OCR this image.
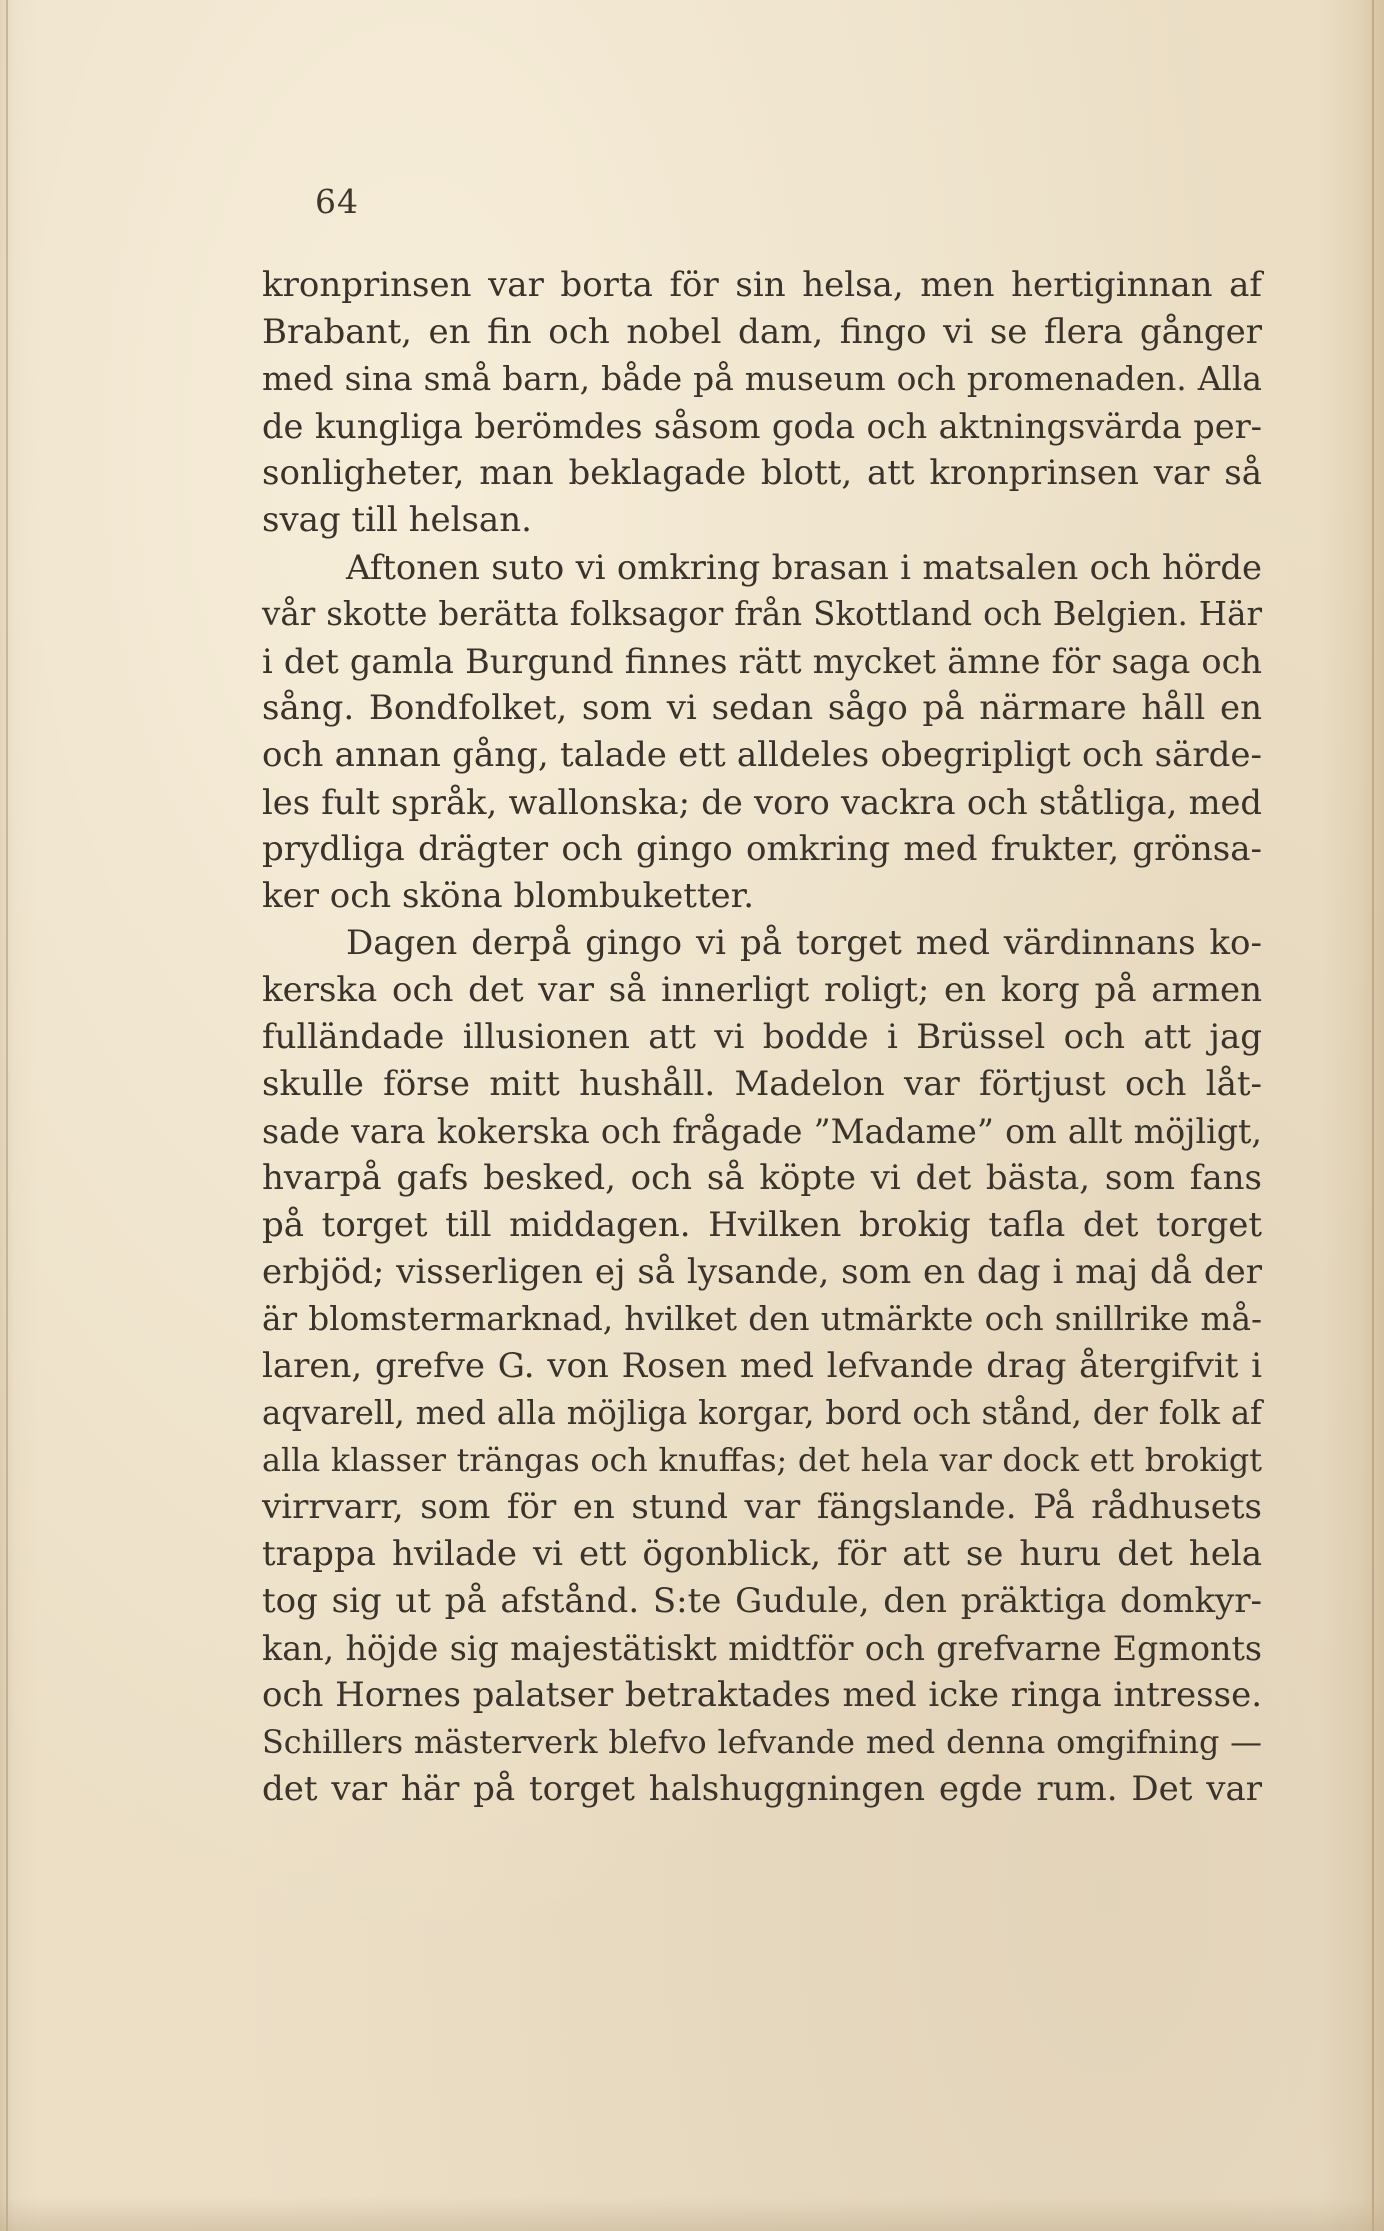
64
kronprinsen var borta för sin helsa, men hertiginnan af
Brabant, en fin och nobel dam, fingo vi se flera gånger
med sina små barn, både på museum och promenaden. Alla
de kungliga berömdes såsom goda och aktningsvärda per-
sonligheter, man beklagade blott, att kronprinsen var så
svag till helsan.
Aftonen suto vi omkring brasan i matsalen och hörde
vår skotte berätta folksagor från Skottland och Belgien. Här
i det gamla Burgund finnes rätt mycket ämne för saga och
sång. Bondfolket, som vi sedan sågo på närmare håll en
och annan gång, talade ett alldeles obegripligt och särde-
les fult språk, wallonska; de voro vackra och ståtliga, med
prydliga drägter och gingo omkring med frukter, grönsa-
ker och sköna blombuketter.
Dagen derpå gingo vi på torget med värdinnans ko-
kerska och det var så innerligt roligt; en korg på armen
fulländade illusionen att vi bodde i Brüssel och att jag
skulle förse mitt hushåll. Madelon var förtjust och låt-
sade vara kokerska och frågade ”Madame” om allt möjligt,
hvarpå gafs besked, och så köpte vi det bästa, som fans
på torget till middagen. Hvilken brokig tafla det torget
erbjöd; visserligen ej så lysande, som en dag i maj då der
är blomstermarknad, hvilket den utmärkte och snillrike må-
laren, grefve G. von Rosen med lefvande drag återgifvit i
aqvarell, med alla möjliga korgar, bord och stånd, der folk af
alla klasser trängas och knuffas; det hela var dock ett brokigt
virrvarr, som för en stund var fängslande. På rådhusets
trappa hvilade vi ett ögonblick, för att se huru det hela
tog sig ut på afstånd. S:te Gudule, den präktiga domkyr-
kan, höjde sig majestätiskt midtför och grefvarne Egmonts
och Hornes palatser betraktades med icke ringa intresse.
Schillers mästerverk blefvo lefvande med denna omgifning —
det var här på torget halshuggningen egde rum. Det var
